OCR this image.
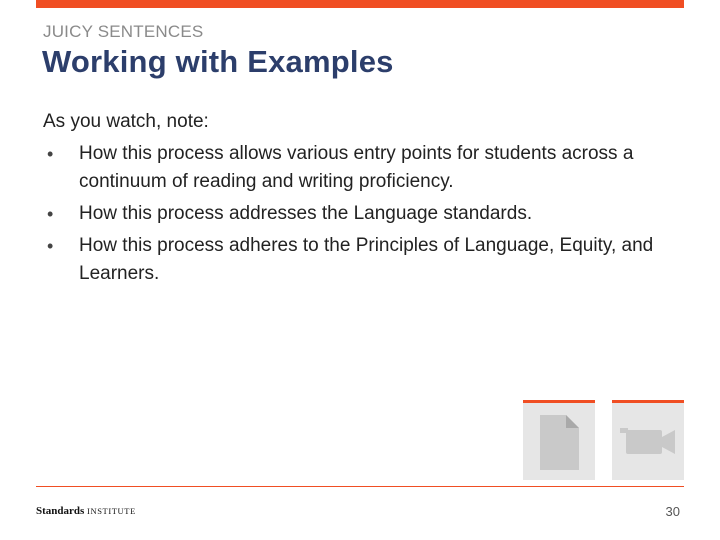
JUICY SENTENCES
Working with Examples

As you watch, note:

• How this process allows various entry points for students across a continuum of reading and writing proficiency.
• How this process addresses the Language standards.
• How this process adheres to the Principles of Language, Equity, and Learners.
Standards INSTITUTE	30
